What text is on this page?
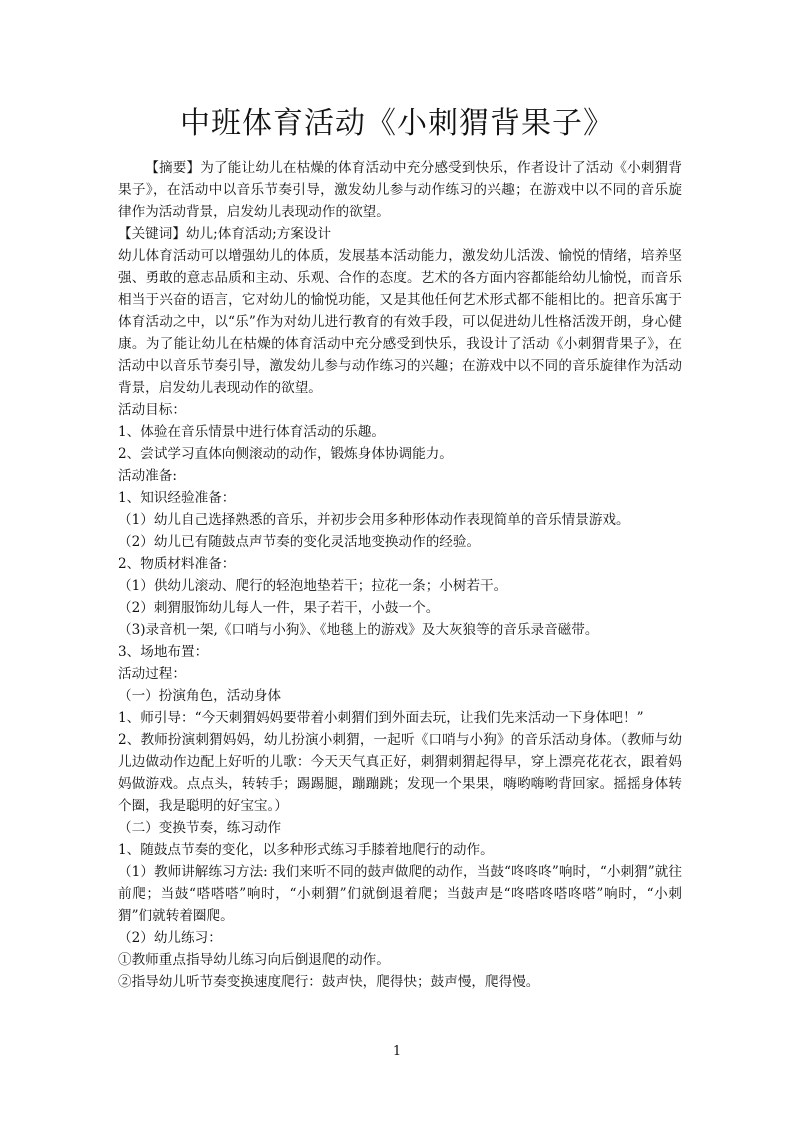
中班体育活动《小刺猬背果子》

【摘要】为了能让幼儿在枯燥的体育活动中充分感受到快乐，作者设计了活动《小刺猬背果子》，在活动中以音乐节奏引导，激发幼儿参与动作练习的兴趣；在游戏中以不同的音乐旋律作为活动背景，启发幼儿表现动作的欲望。

【关键词】幼儿;体育活动;方案设计

幼儿体育活动可以增强幼儿的体质，发展基本活动能力，激发幼儿活泼、愉悦的情绪，培养坚强、勇敢的意志品质和主动、乐观、合作的态度。艺术的各方面内容都能给幼儿愉悦，而音乐相当于兴奋的语言，它对幼儿的愉悦功能，又是其他任何艺术形式都不能相比的。把音乐寓于体育活动之中，以“乐”作为对幼儿进行教育的有效手段，可以促进幼儿性格活泼开朗，身心健康。为了能让幼儿在枯燥的体育活动中充分感受到快乐，我设计了活动《小刺猬背果子》，在活动中以音乐节奏引导，激发幼儿参与动作练习的兴趣；在游戏中以不同的音乐旋律作为活动背景，启发幼儿表现动作的欲望。

活动目标：

1、体验在音乐情景中进行体育活动的乐趣。

2、尝试学习直体向侧滚动的动作，锻炼身体协调能力。

活动准备:

1、知识经验准备：

（1）幼儿自己选择熟悉的音乐，并初步会用多种形体动作表现简单的音乐情景游戏。

（2）幼儿已有随鼓点声节奏的变化灵活地变换动作的经验。

2、物质材料准备：

（1）供幼儿滚动、爬行的轻泡地垫若干；拉花一条；小树若干。

（2）刺猬服饰幼儿每人一件，果子若干，小鼓一个。

（3)录音机一架,《口哨与小狗》、《地毯上的游戏》及大灰狼等的音乐录音磁带。

3、场地布置：

活动过程：

（一）扮演角色，活动身体

1、师引导：“今天刺猬妈妈要带着小刺猬们到外面去玩，让我们先来活动一下身体吧！”

2、教师扮演刺猬妈妈，幼儿扮演小刺猬，一起听《口哨与小狗》的音乐活动身体。（教师与幼儿边做动作边配上好听的儿歌：今天天气真正好，刺猬刺猬起得早，穿上漂亮花花衣，跟着妈妈做游戏。点点头，转转手；踢踢腿，蹦蹦跳；发现一个果果，嗨哟嗨哟背回家。摇摇身体转个圈，我是聪明的好宝宝。）

（二）变换节奏，练习动作

1、随鼓点节奏的变化，以多种形式练习手膝着地爬行的动作。

（1）教师讲解练习方法: 我们来听不同的鼓声做爬的动作，当鼓“咚咚咚”响时，“小刺猬”就往前爬；当鼓“嗒嗒嗒”响时，“小刺猬”们就倒退着爬；当鼓声是“咚嗒咚嗒咚嗒”响时，“小刺猬”们就转着圈爬。

（2）幼儿练习：

①教师重点指导幼儿练习向后倒退爬的动作。

②指导幼儿听节奏变换速度爬行：鼓声快，爬得快；鼓声慢，爬得慢。

1
